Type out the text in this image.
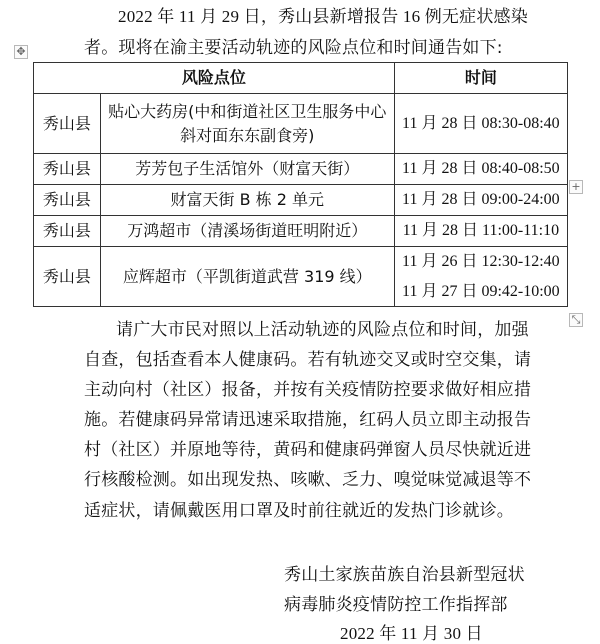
2022 年 11 月 29 日，秀山县新增报告 16 例无症状感染
者。现将在渝主要活动轨迹的风险点位和时间通告如下:
✥
+
⤡
风险点位		时间

秀山县	贴心大药房(中和街道社区卫生服务中心斜对面东东副食旁)	11 月 28 日 08:30-08:40

秀山县	芳芳包子生活馆外（财富天街）	11 月 28 日 08:40-08:50

秀山县	财富天街 B 栋 2 单元	11 月 28 日 09:00-24:00

秀山县	万鸿超市（清溪场街道旺明附近）	11 月 28 日 11:00-11:10

秀山县	应辉超市（平凯街道武营 319 线）	11 月 26 日 12:30-12:40
11 月 27 日 09:42-10:00
请广大市民对照以上活动轨迹的风险点位和时间，加强
自查，包括查看本人健康码。若有轨迹交叉或时空交集，请
主动向村（社区）报备，并按有关疫情防控要求做好相应措
施。若健康码异常请迅速采取措施，红码人员立即主动报告
村（社区）并原地等待，黄码和健康码弹窗人员尽快就近进
行核酸检测。如出现发热、咳嗽、乏力、嗅觉味觉减退等不
适症状，请佩戴医用口罩及时前往就近的发热门诊就诊。
秀山土家族苗族自治县新型冠状
病毒肺炎疫情防控工作指挥部
2022 年 11 月 30 日
